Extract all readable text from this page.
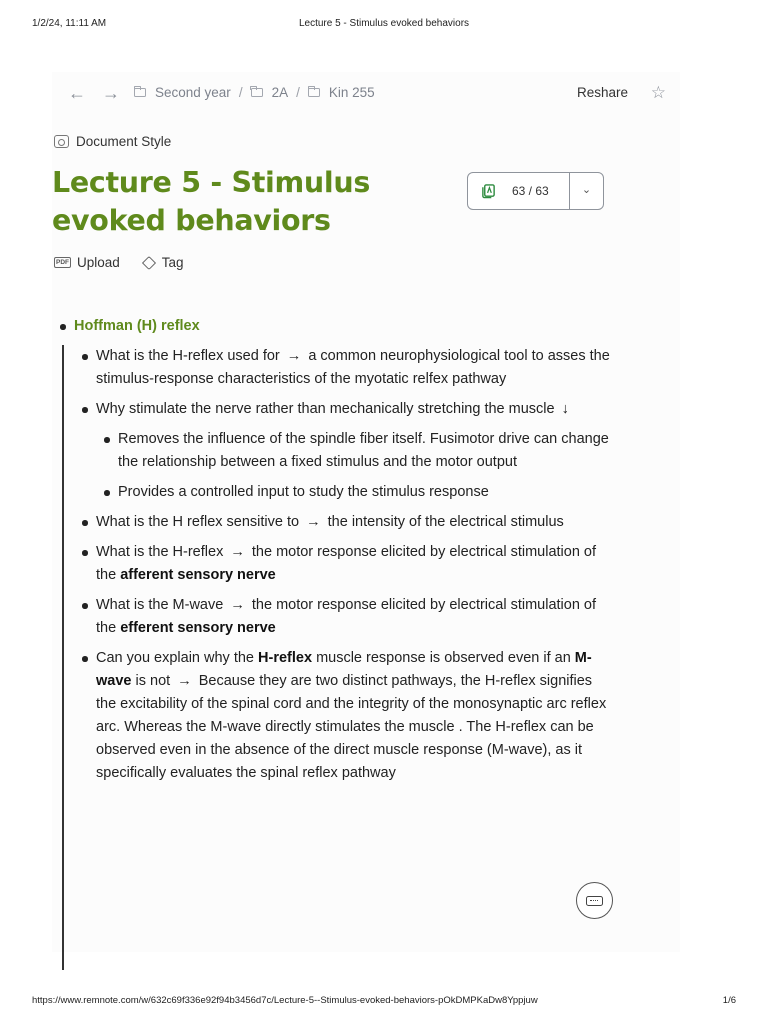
1/2/24, 11:11 AM	Lecture 5 - Stimulus evoked behaviors
← →	Second year / 2A / Kin 255	Reshare ☆
Document Style
Lecture 5 - Stimulus evoked behaviors
63 / 63	⌄
PDF Upload	Tag
Hoffman (H) reflex
What is the H-reflex used for → a common neurophysiological tool to asses the stimulus-response characteristics of the myotatic relfex pathway
Why stimulate the nerve rather than mechanically stretching the muscle ↓
Removes the influence of the spindle fiber itself. Fusimotor drive can change the relationship between a fixed stimulus and the motor output
Provides a controlled input to study the stimulus response
What is the H reflex sensitive to → the intensity of the electrical stimulus
What is the H-reflex → the motor response elicited by electrical stimulation of the afferent sensory nerve
What is the M-wave → the motor response elicited by electrical stimulation of the efferent sensory nerve
Can you explain why the H-reflex muscle response is observed even if an M-wave is not → Because they are two distinct pathways, the H-reflex signifies the excitability of the spinal cord and the integrity of the monosynaptic arc reflex arc. Whereas the M-wave directly stimulates the muscle . The H-reflex can be observed even in the absence of the direct muscle response (M-wave), as it specifically evaluates the spinal reflex pathway
https://www.remnote.com/w/632c69f336e92f94b3456d7c/Lecture-5--Stimulus-evoked-behaviors-pOkDMPKaDw8Yppjuw	1/6
